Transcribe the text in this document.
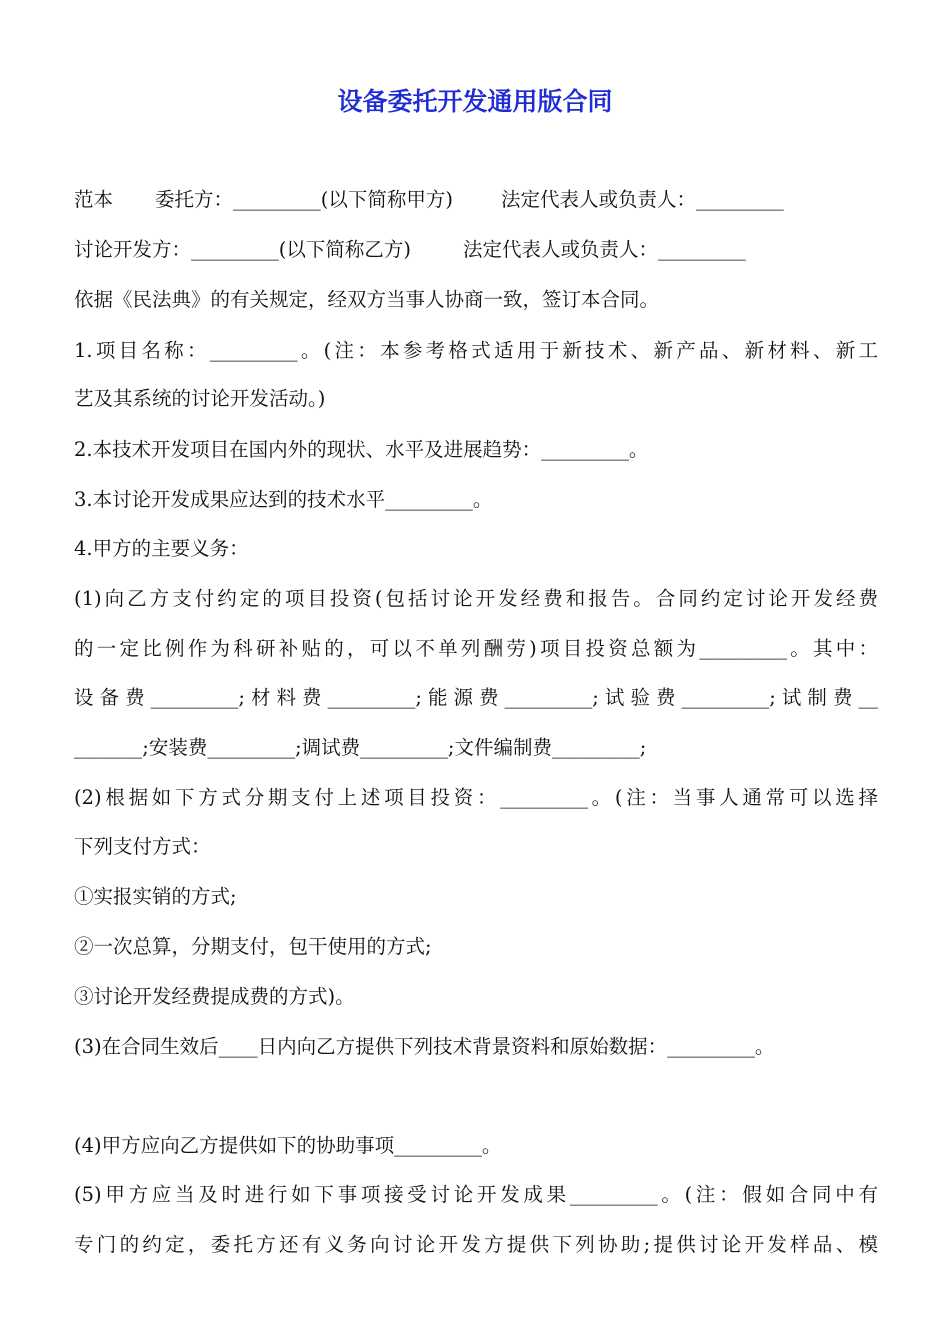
设备委托开发通用版合同
范本 委托方：_________(以下简称甲方) 法定代表人或负责人：_________
讨论开发方：_________(以下简称乙方)	法定代表人或负责人：_________
依据《民法典》的有关规定，经双方当事人协商一致，签订本合同。
1.项目名称：_________。(注：本参考格式适用于新技术、新产品、新材料、新工
艺及其系统的讨论开发活动。)
2.本技术开发项目在国内外的现状、水平及进展趋势：_________。
3.本讨论开发成果应达到的技术水平_________。
4.甲方的主要义务：
(1)向乙方支付约定的项目投资(包括讨论开发经费和报告。合同约定讨论开发经费
的一定比例作为科研补贴的，可以不单列酬劳)项目投资总额为_________。其中：
设备费_________;材料费_________;能源费_________;试验费_________;试制费__
_______;安装费_________;调试费_________;文件编制费_________;
(2)根据如下方式分期支付上述项目投资：_________。(注：当事人通常可以选择
下列支付方式：
①实报实销的方式;
②一次总算，分期支付，包干使用的方式;
③讨论开发经费提成费的方式)。
(3)在合同生效后____日内向乙方提供下列技术背景资料和原始数据：_________。
(4)甲方应向乙方提供如下的协助事项_________。
(5)甲方应当及时进行如下事项接受讨论开发成果_________。(注：假如合同中有
专门的约定，委托方还有义务向讨论开发方提供下列协助;提供讨论开发样品、模
